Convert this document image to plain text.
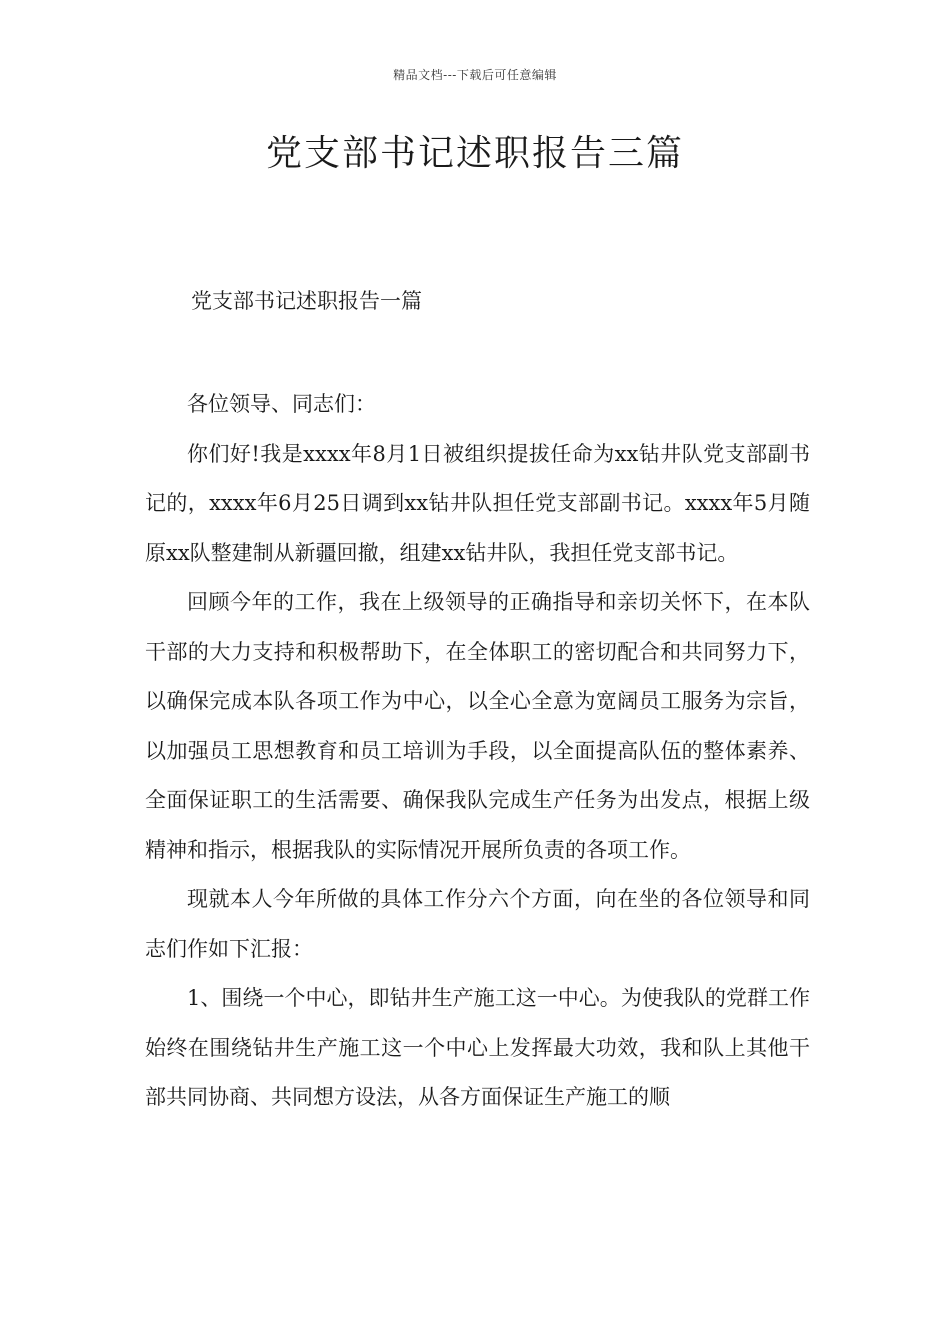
精品文档---下载后可任意编辑
党支部书记述职报告三篇

党支部书记述职报告一篇

各位领导、同志们：

你们好!我是xxxx年8月1日被组织提拔任命为xx钻井队党支部副书记的，xxxx年6月25日调到xx钻井队担任党支部副书记。xxxx年5月随原xx队整建制从新疆回撤，组建xx钻井队，我担任党支部书记。

回顾今年的工作，我在上级领导的正确指导和亲切关怀下，在本队干部的大力支持和积极帮助下，在全体职工的密切配合和共同努力下，以确保完成本队各项工作为中心，以全心全意为宽阔员工服务为宗旨，以加强员工思想教育和员工培训为手段，以全面提高队伍的整体素养、全面保证职工的生活需要、确保我队完成生产任务为出发点，根据上级精神和指示，根据我队的实际情况开展所负责的各项工作。

现就本人今年所做的具体工作分六个方面，向在坐的各位领导和同志们作如下汇报：

1、围绕一个中心，即钻井生产施工这一中心。为使我队的党群工作始终在围绕钻井生产施工这一个中心上发挥最大功效，我和队上其他干部共同协商、共同想方设法，从各方面保证生产施工的顺
